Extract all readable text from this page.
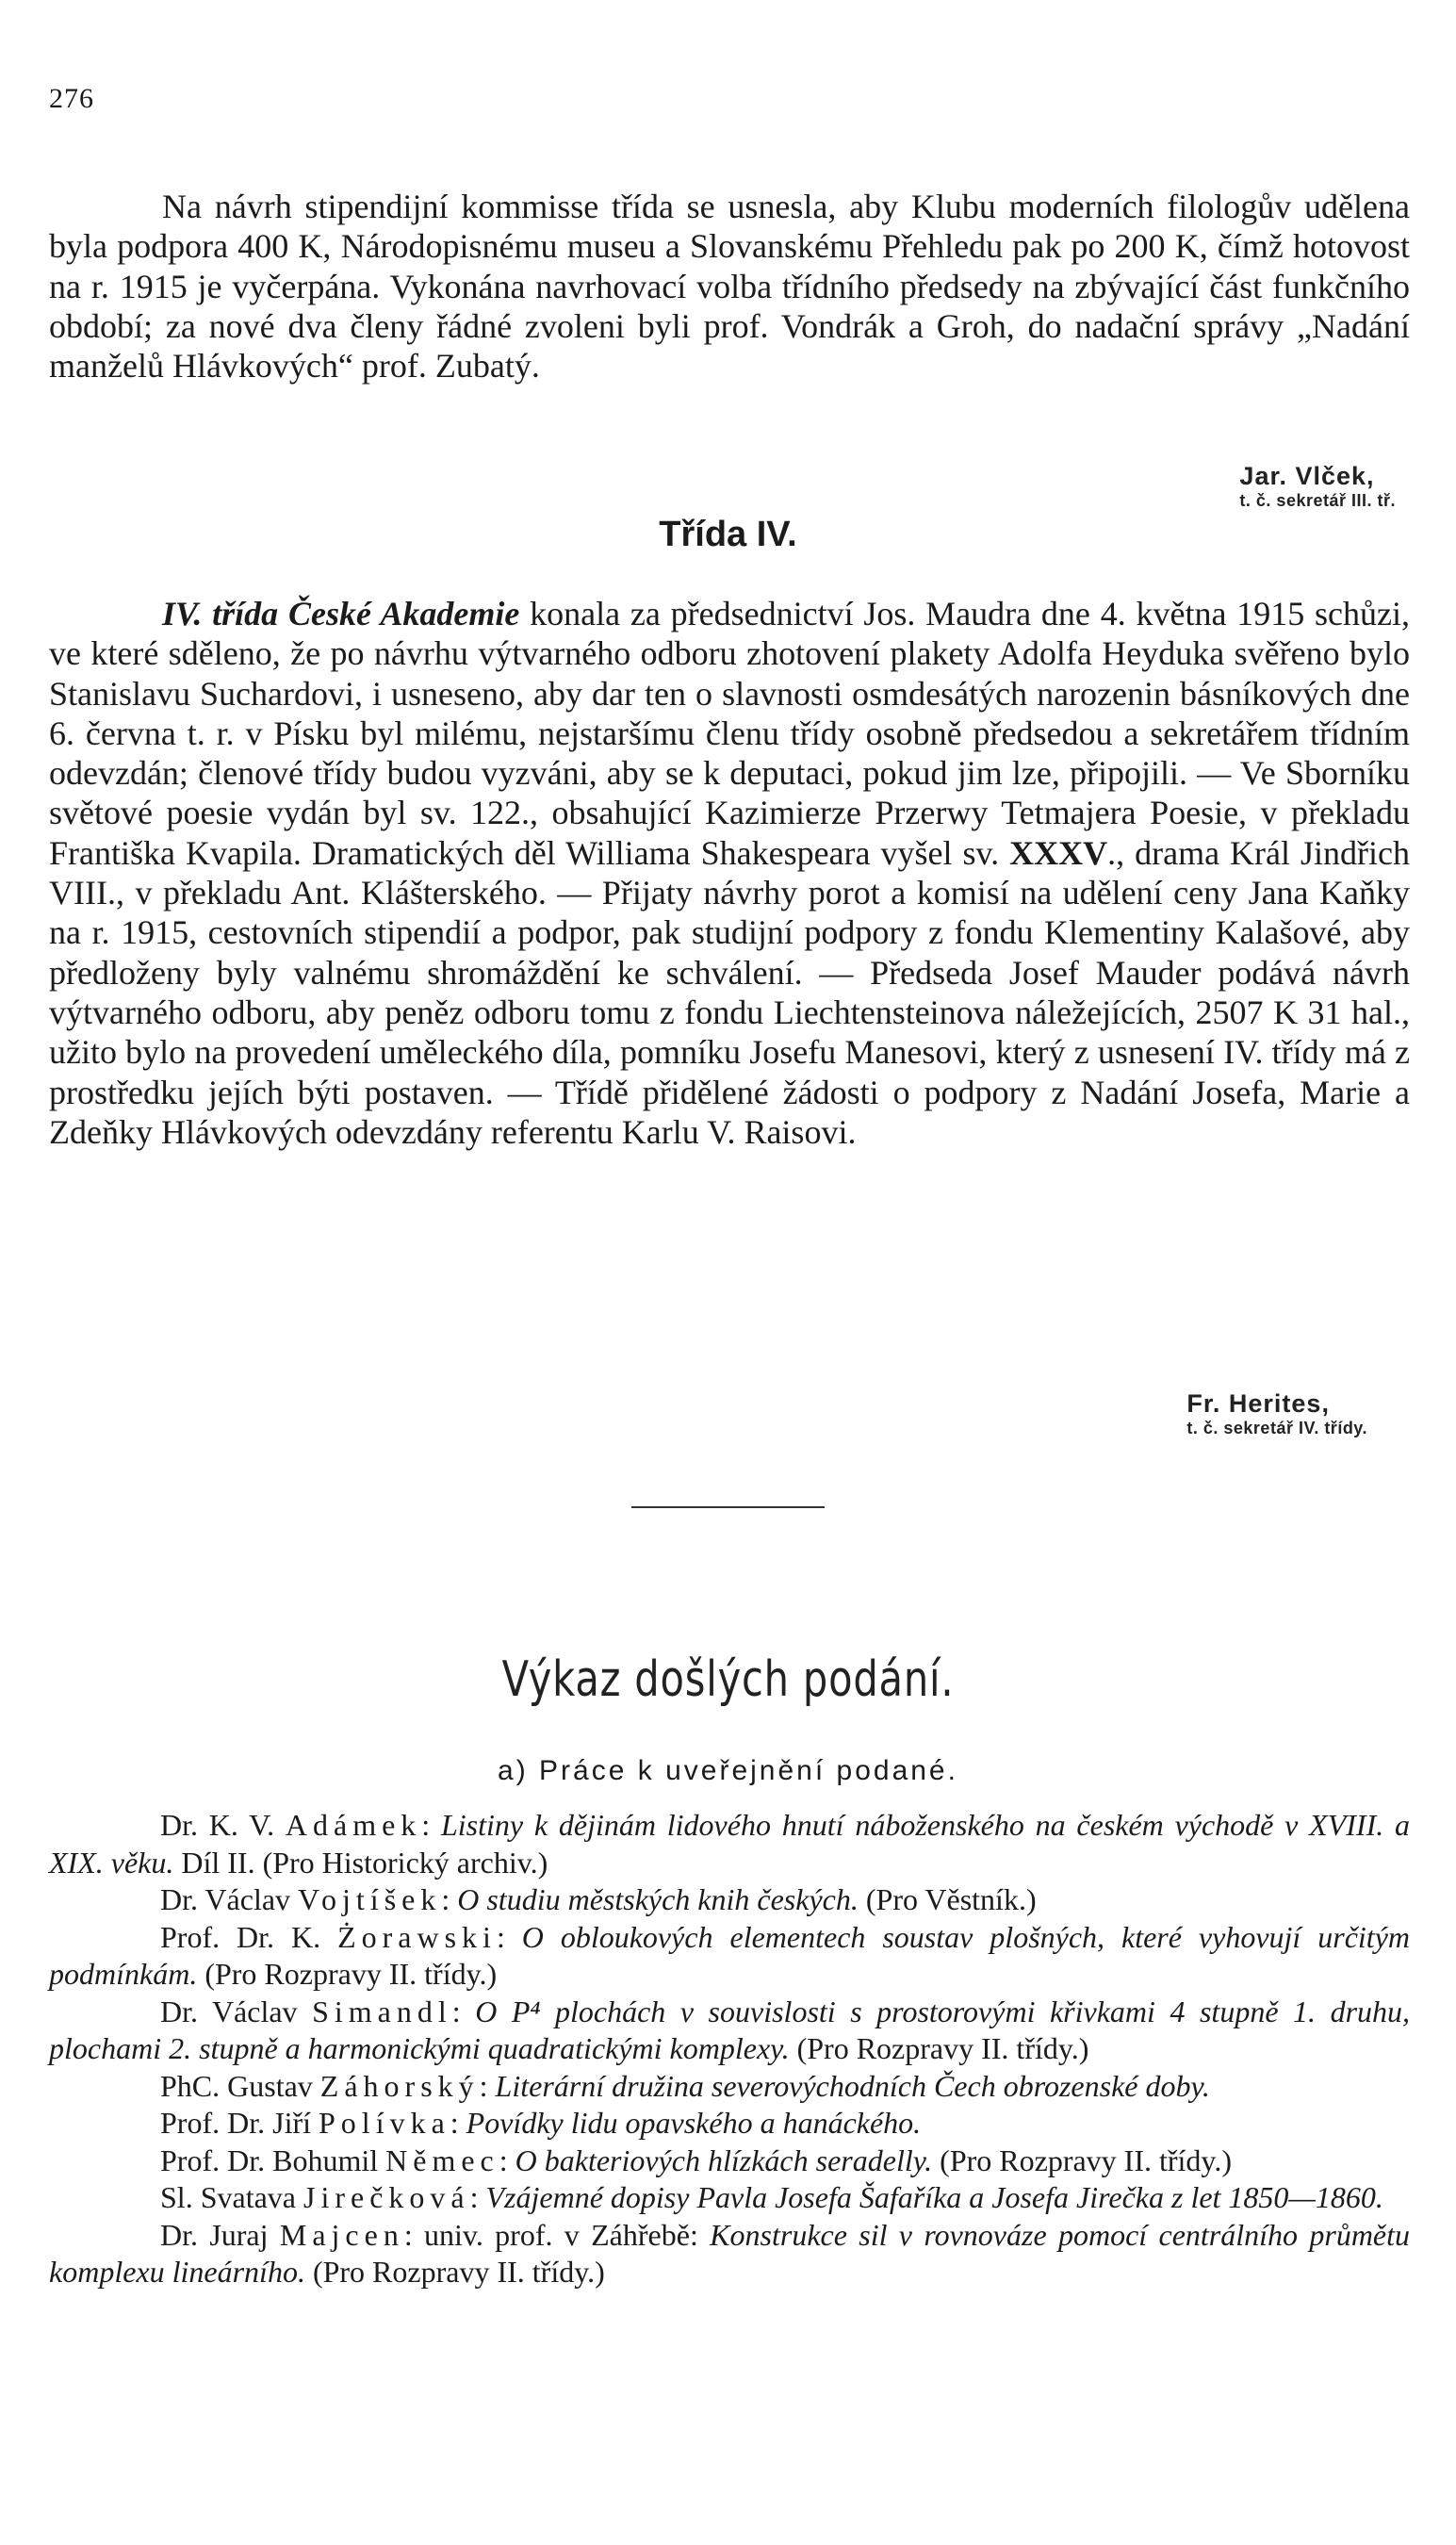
276

Na návrh stipendijní kommisse třída se usnesla, aby Klubu moderních filologův udělena byla podpora 400 K, Národopisnému museu a Slovanskému Přehledu pak po 200 K, čímž hotovost na r. 1915 je vyčerpána. Vykonána navrhovací volba třídního předsedy na zbývající část funkčního období; za nové dva členy řádné zvoleni byli prof. Vondrák a Groh, do nadační správy „Nadání manželů Hlávkových“ prof. Zubatý.

Jar. Vlček,
t. č. sekretář III. tř.
Třída IV.

IV. třída České Akademie konala za předsednictví Jos. Maudra dne 4. května 1915 schůzi, ve které sděleno, že po návrhu výtvarného odboru zhotovení plakety Adolfa Heyduka svěřeno bylo Stanislavu Suchardovi, i usneseno, aby dar ten o slavnosti osmdesátých narozenin básníkových dne 6. června t. r. v Písku byl milému, nejstaršímu členu třídy osobně předsedou a sekretářem třídním odevzdán; členové třídy budou vyzváni, aby se k deputaci, pokud jim lze, připojili. — Ve Sborníku světové poesie vydán byl sv. 122., obsahující Kazimierze Przerwy Tetmajera Poesie, v překladu Františka Kvapila. Dramatických děl Williama Shakespeara vyšel sv. XXXV., drama Král Jindřich VIII., v překladu Ant. Klášterského. — Přijaty návrhy porot a komisí na udělení ceny Jana Kaňky na r. 1915, cestovních stipendií a podpor, pak studijní podpory z fondu Klementiny Kalašové, aby předloženy byly valnému shromáždění ke schválení. — Předseda Josef Mauder podává návrh výtvarného odboru, aby peněz odboru tomu z fondu Liechtensteinova náležejících, 2507 K 31 hal., užito bylo na provedení uměleckého díla, pomníku Josefu Manesovi, který z usnesení IV. třídy má z prostředku jejích býti postaven. — Třídě přidělené žádosti o podpory z Nadání Josefa, Marie a Zdeňky Hlávkových odevzdány referentu Karlu V. Raisovi.

Fr. Herites,
t. č. sekretář IV. třídy.
Výkaz došlých podání.
a) Práce k uveřejnění podané.
Dr. K. V. Adámek: Listiny k dějinám lidového hnutí náboženského na českém východě v XVIII. a XIX. věku. Díl II. (Pro Historický archiv.)
Dr. Václav Vojtíšek: O studiu městských knih českých. (Pro Věstník.)
Prof. Dr. K. Żorawski: O obloukových elementech soustav plošných, které vyhovují určitým podmínkám. (Pro Rozpravy II. třídy.)
Dr. Václav Simandl: O P⁴ plochách v souvislosti s prostorovými křivkami 4 stupně 1. druhu, plochami 2. stupně a harmonickými quadratickými komplexy. (Pro Rozpravy II. třídy.)
PhC. Gustav Záhorský: Literární družina severovýchodních Čech obrozenské doby.
Prof. Dr. Jiří Polívka: Povídky lidu opavského a hanáckého.
Prof. Dr. Bohumil Němec: O bakteriových hlízkách seradelly. (Pro Rozpravy II. třídy.)
Sl. Svatava Jirečková: Vzájemné dopisy Pavla Josefa Šafaříka a Josefa Jirečka z let 1850—1860.
Dr. Juraj Majcen: univ. prof. v Záhřebě: Konstrukce sil v rovnováze pomocí centrálního průmětu komplexu lineárního. (Pro Rozpravy II. třídy.)
